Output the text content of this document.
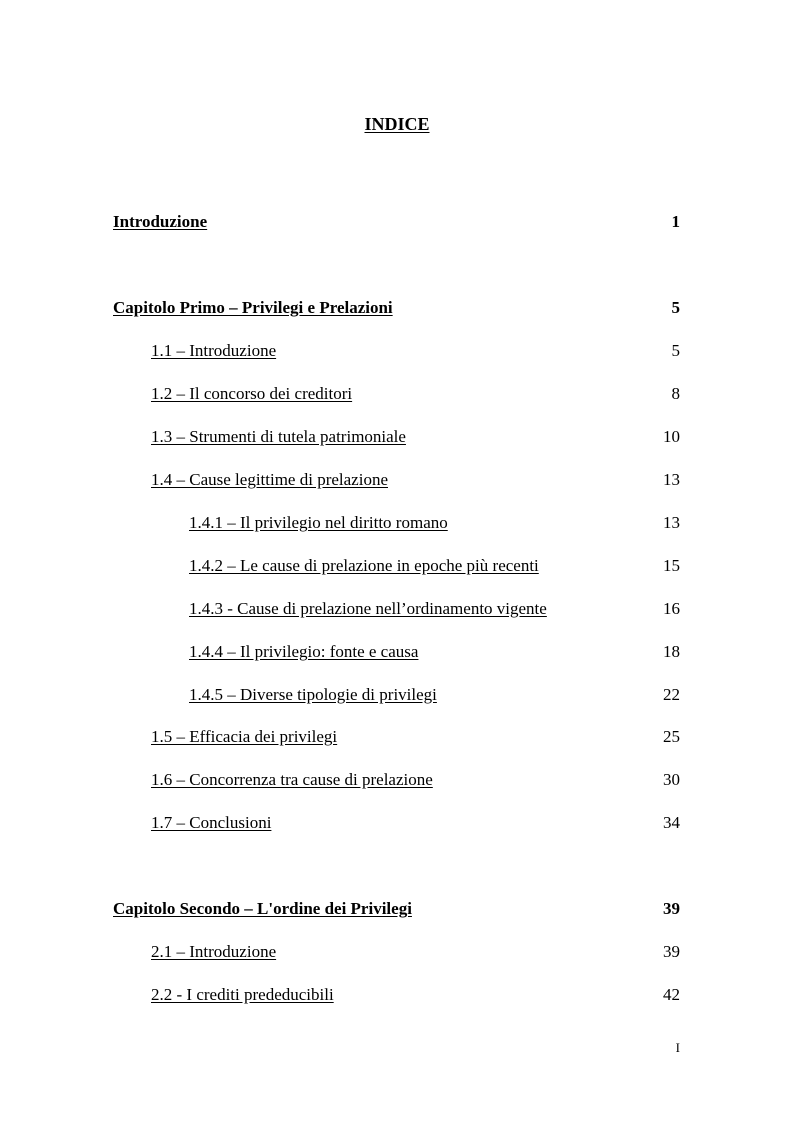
INDICE
Introduzione	1
Capitolo Primo – Privilegi e Prelazioni	5
1.1 – Introduzione	5
1.2 – Il concorso dei creditori	8
1.3 – Strumenti di tutela patrimoniale	10
1.4 – Cause legittime di prelazione	13
1.4.1 – Il privilegio nel diritto romano	13
1.4.2 – Le cause di prelazione in epoche più recenti	15
1.4.3 - Cause di prelazione nell’ordinamento vigente	16
1.4.4 – Il privilegio: fonte e causa	18
1.4.5 – Diverse tipologie di privilegi	22
1.5 – Efficacia dei privilegi	25
1.6 – Concorrenza tra cause di prelazione	30
1.7 – Conclusioni	34
Capitolo Secondo – L'ordine dei Privilegi	39
2.1 – Introduzione	39
2.2 - I crediti prededucibili	42
I
